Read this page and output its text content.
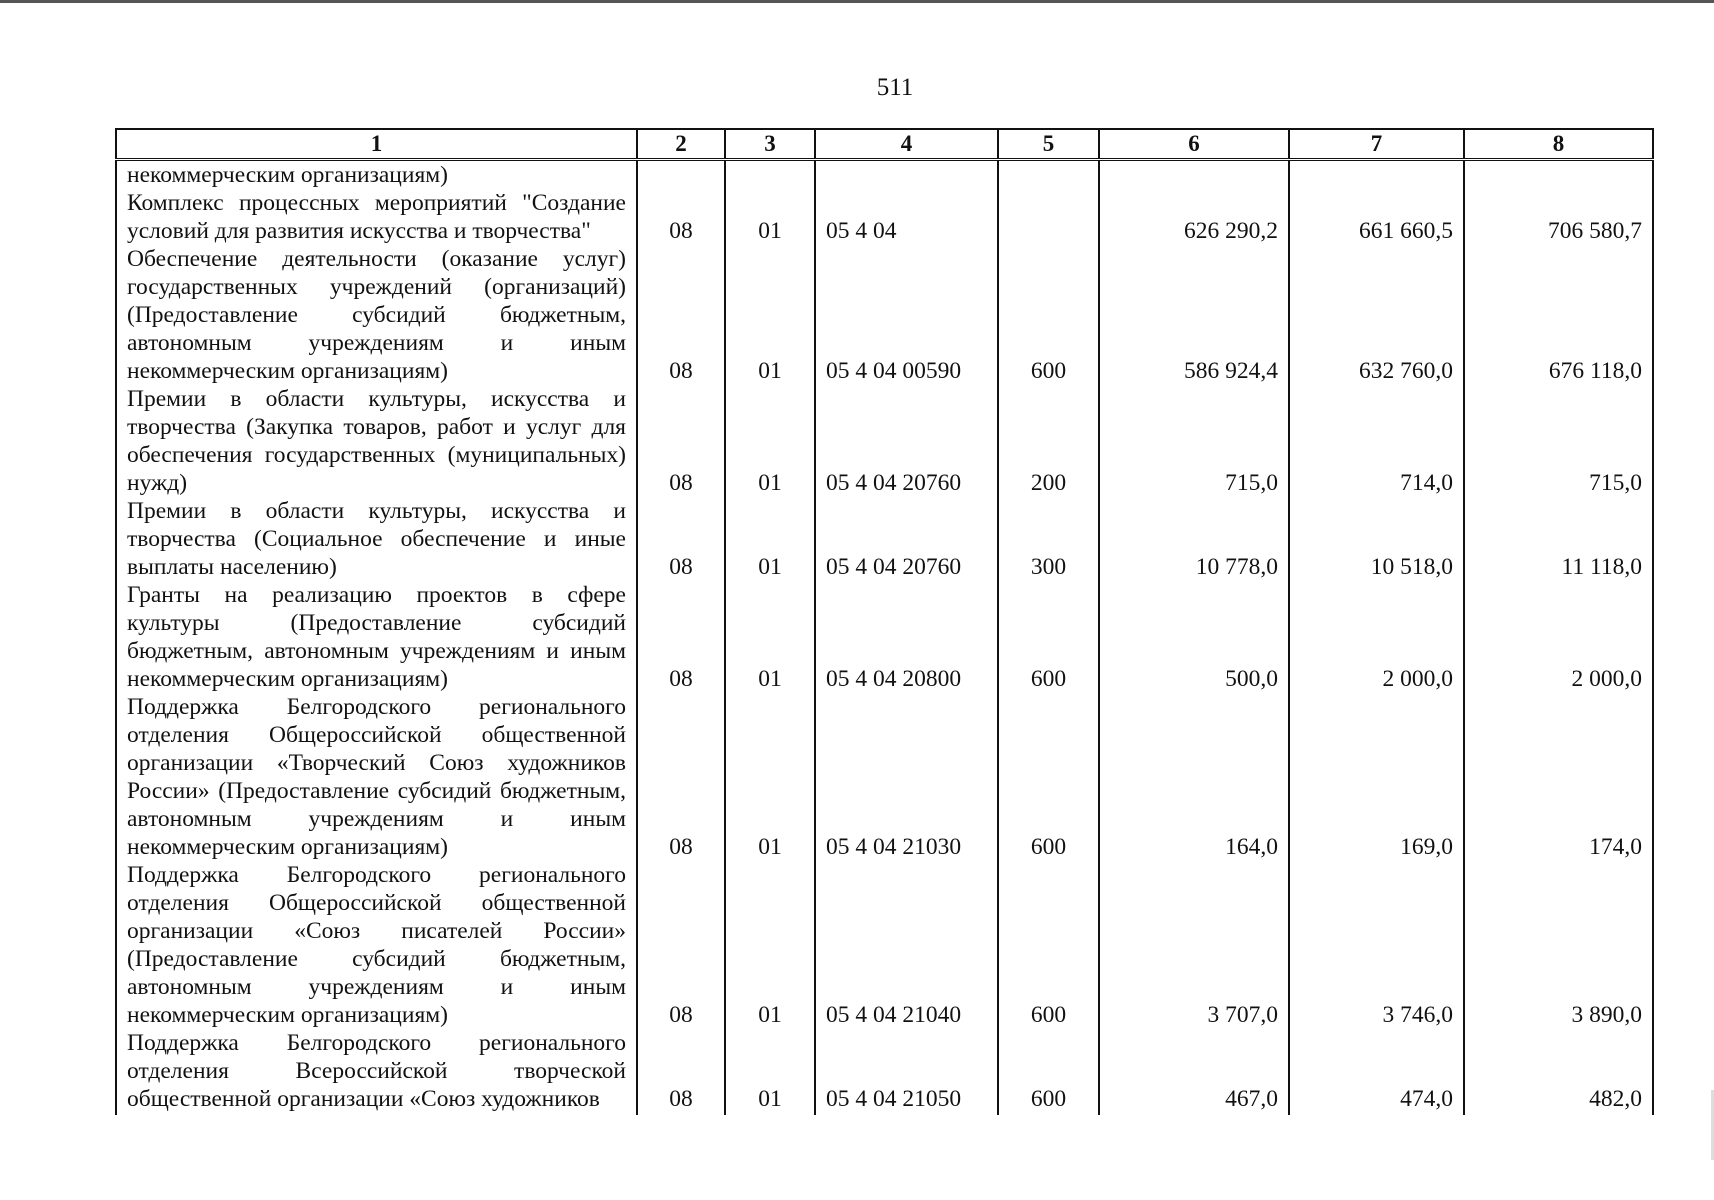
511
1	2	3	4	5	6	7	8
некоммерческим организациям)							
Комплекс процессных мероприятий "Создание условий для развития искусства и творчества"	08	01	05 4 04		626 290,2	661 660,5	706 580,7
Обеспечение деятельности (оказание услуг) государственных учреждений (организаций) (Предоставление субсидий бюджетным, автономным учреждениям и иным некоммерческим организациям)	08	01	05 4 04 00590	600	586 924,4	632 760,0	676 118,0
Премии в области культуры, искусства и творчества (Закупка товаров, работ и услуг для обеспечения государственных (муниципальных) нужд)	08	01	05 4 04 20760	200	715,0	714,0	715,0
Премии в области культуры, искусства и творчества (Социальное обеспечение и иные выплаты населению)	08	01	05 4 04 20760	300	10 778,0	10 518,0	11 118,0
Гранты на реализацию проектов в сфере культуры (Предоставление субсидий бюджетным, автономным учреждениям и иным некоммерческим организациям)	08	01	05 4 04 20800	600	500,0	2 000,0	2 000,0
Поддержка Белгородского регионального отделения Общероссийской общественной организации «Творческий Союз художников России» (Предоставление субсидий бюджетным, автономным учреждениям и иным некоммерческим организациям)	08	01	05 4 04 21030	600	164,0	169,0	174,0
Поддержка Белгородского регионального отделения Общероссийской общественной организации «Союз писателей России» (Предоставление субсидий бюджетным, автономным учреждениям и иным некоммерческим организациям)	08	01	05 4 04 21040	600	3 707,0	3 746,0	3 890,0
Поддержка Белгородского регионального отделения Всероссийской творческой общественной организации «Союз художников	08	01	05 4 04 21050	600	467,0	474,0	482,0
